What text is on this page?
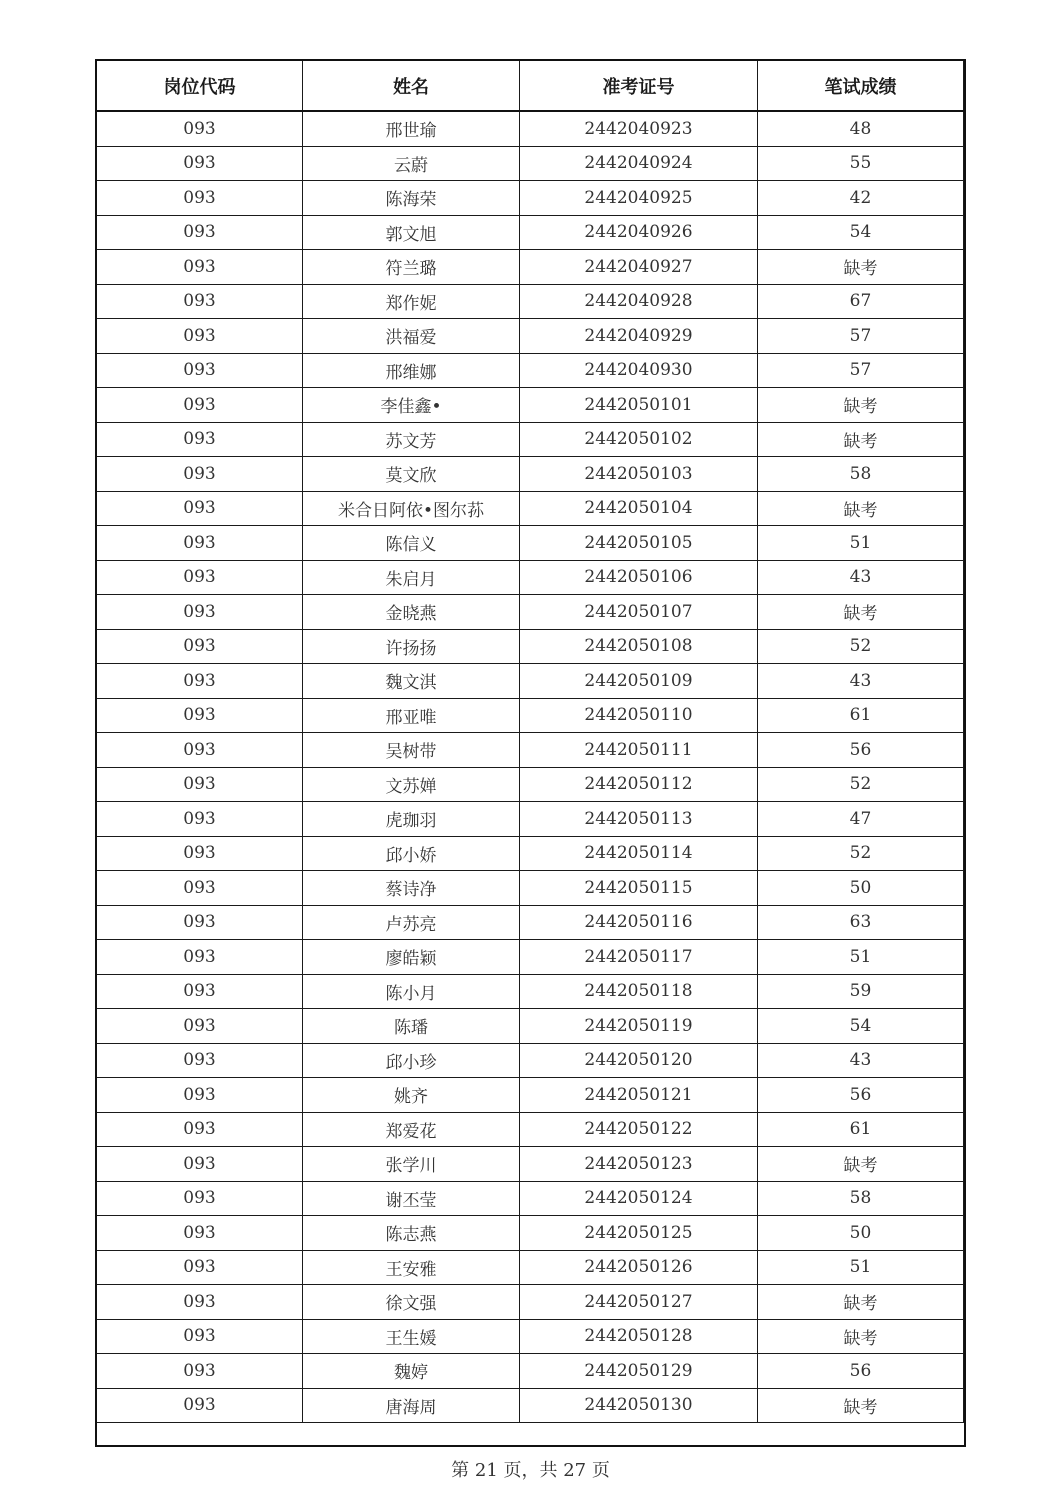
岗位代码	姓名	准考证号	笔试成绩
093	邢世瑜	2442040923	48
093	云蔚	2442040924	55
093	陈海荣	2442040925	42
093	郭文旭	2442040926	54
093	符兰璐	2442040927	缺考
093	郑作妮	2442040928	67
093	洪福爱	2442040929	57
093	邢维娜	2442040930	57
093	李佳鑫•	2442050101	缺考
093	苏文芳	2442050102	缺考
093	莫文欣	2442050103	58
093	米合日阿依•图尔荪	2442050104	缺考
093	陈信义	2442050105	51
093	朱启月	2442050106	43
093	金晓燕	2442050107	缺考
093	许扬扬	2442050108	52
093	魏文淇	2442050109	43
093	邢亚唯	2442050110	61
093	吴树带	2442050111	56
093	文苏婵	2442050112	52
093	虎珈羽	2442050113	47
093	邱小娇	2442050114	52
093	蔡诗净	2442050115	50
093	卢苏亮	2442050116	63
093	廖皓颖	2442050117	51
093	陈小月	2442050118	59
093	陈璠	2442050119	54
093	邱小珍	2442050120	43
093	姚齐	2442050121	56
093	郑爱花	2442050122	61
093	张学川	2442050123	缺考
093	谢丕莹	2442050124	58
093	陈志燕	2442050125	50
093	王安雅	2442050126	51
093	徐文强	2442050127	缺考
093	王生媛	2442050128	缺考
093	魏婷	2442050129	56
093	唐海周	2442050130	缺考
第 21 页，共 27 页
